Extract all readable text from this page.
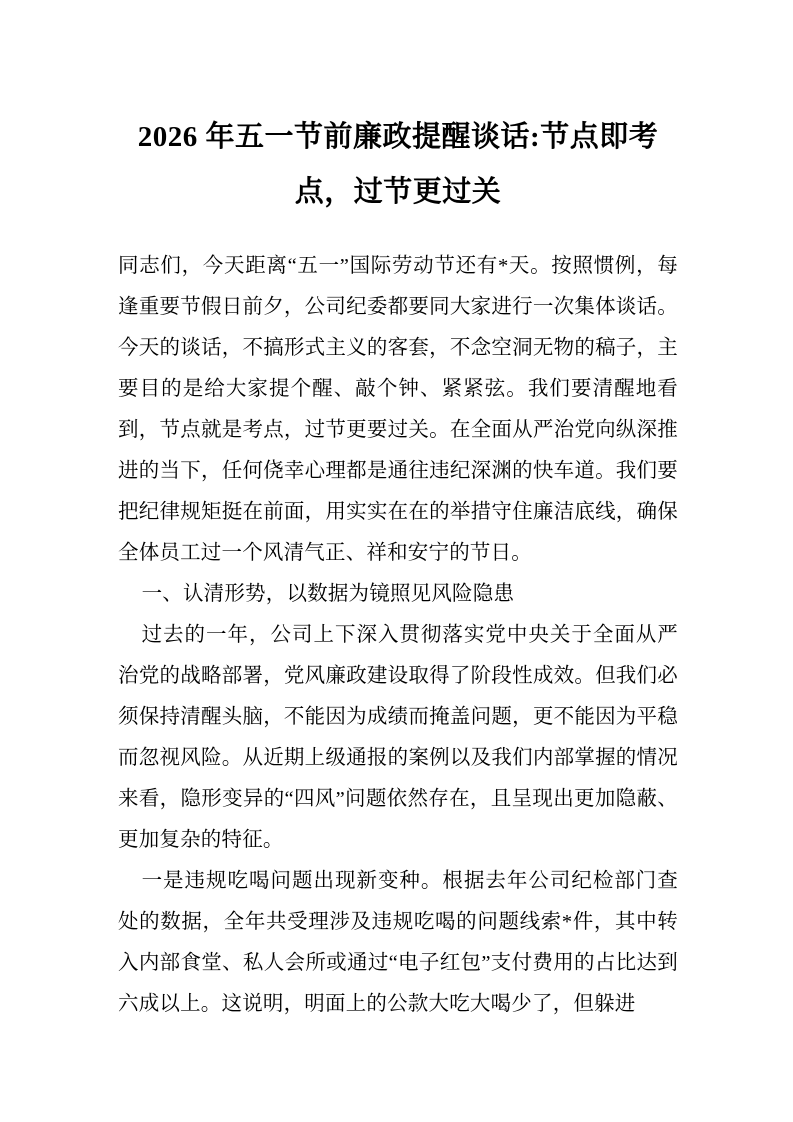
2026 年五一节前廉政提醒谈话:节点即考点，过节更过关

同志们，今天距离“五一”国际劳动节还有*天。按照惯例，每逢重要节假日前夕，公司纪委都要同大家进行一次集体谈话。今天的谈话，不搞形式主义的客套，不念空洞无物的稿子，主要目的是给大家提个醒、敲个钟、紧紧弦。我们要清醒地看到，节点就是考点，过节更要过关。在全面从严治党向纵深推进的当下，任何侥幸心理都是通往违纪深渊的快车道。我们要把纪律规矩挺在前面，用实实在在的举措守住廉洁底线，确保全体员工过一个风清气正、祥和安宁的节日。

一、认清形势，以数据为镜照见风险隐患

过去的一年，公司上下深入贯彻落实党中央关于全面从严治党的战略部署，党风廉政建设取得了阶段性成效。但我们必须保持清醒头脑，不能因为成绩而掩盖问题，更不能因为平稳而忽视风险。从近期上级通报的案例以及我们内部掌握的情况来看，隐形变异的“四风”问题依然存在，且呈现出更加隐蔽、更加复杂的特征。

一是违规吃喝问题出现新变种。根据去年公司纪检部门查处的数据，全年共受理涉及违规吃喝的问题线索*件，其中转入内部食堂、私人会所或通过“电子红包”支付费用的占比达到六成以上。这说明，明面上的公款大吃大喝少了，但躲进
